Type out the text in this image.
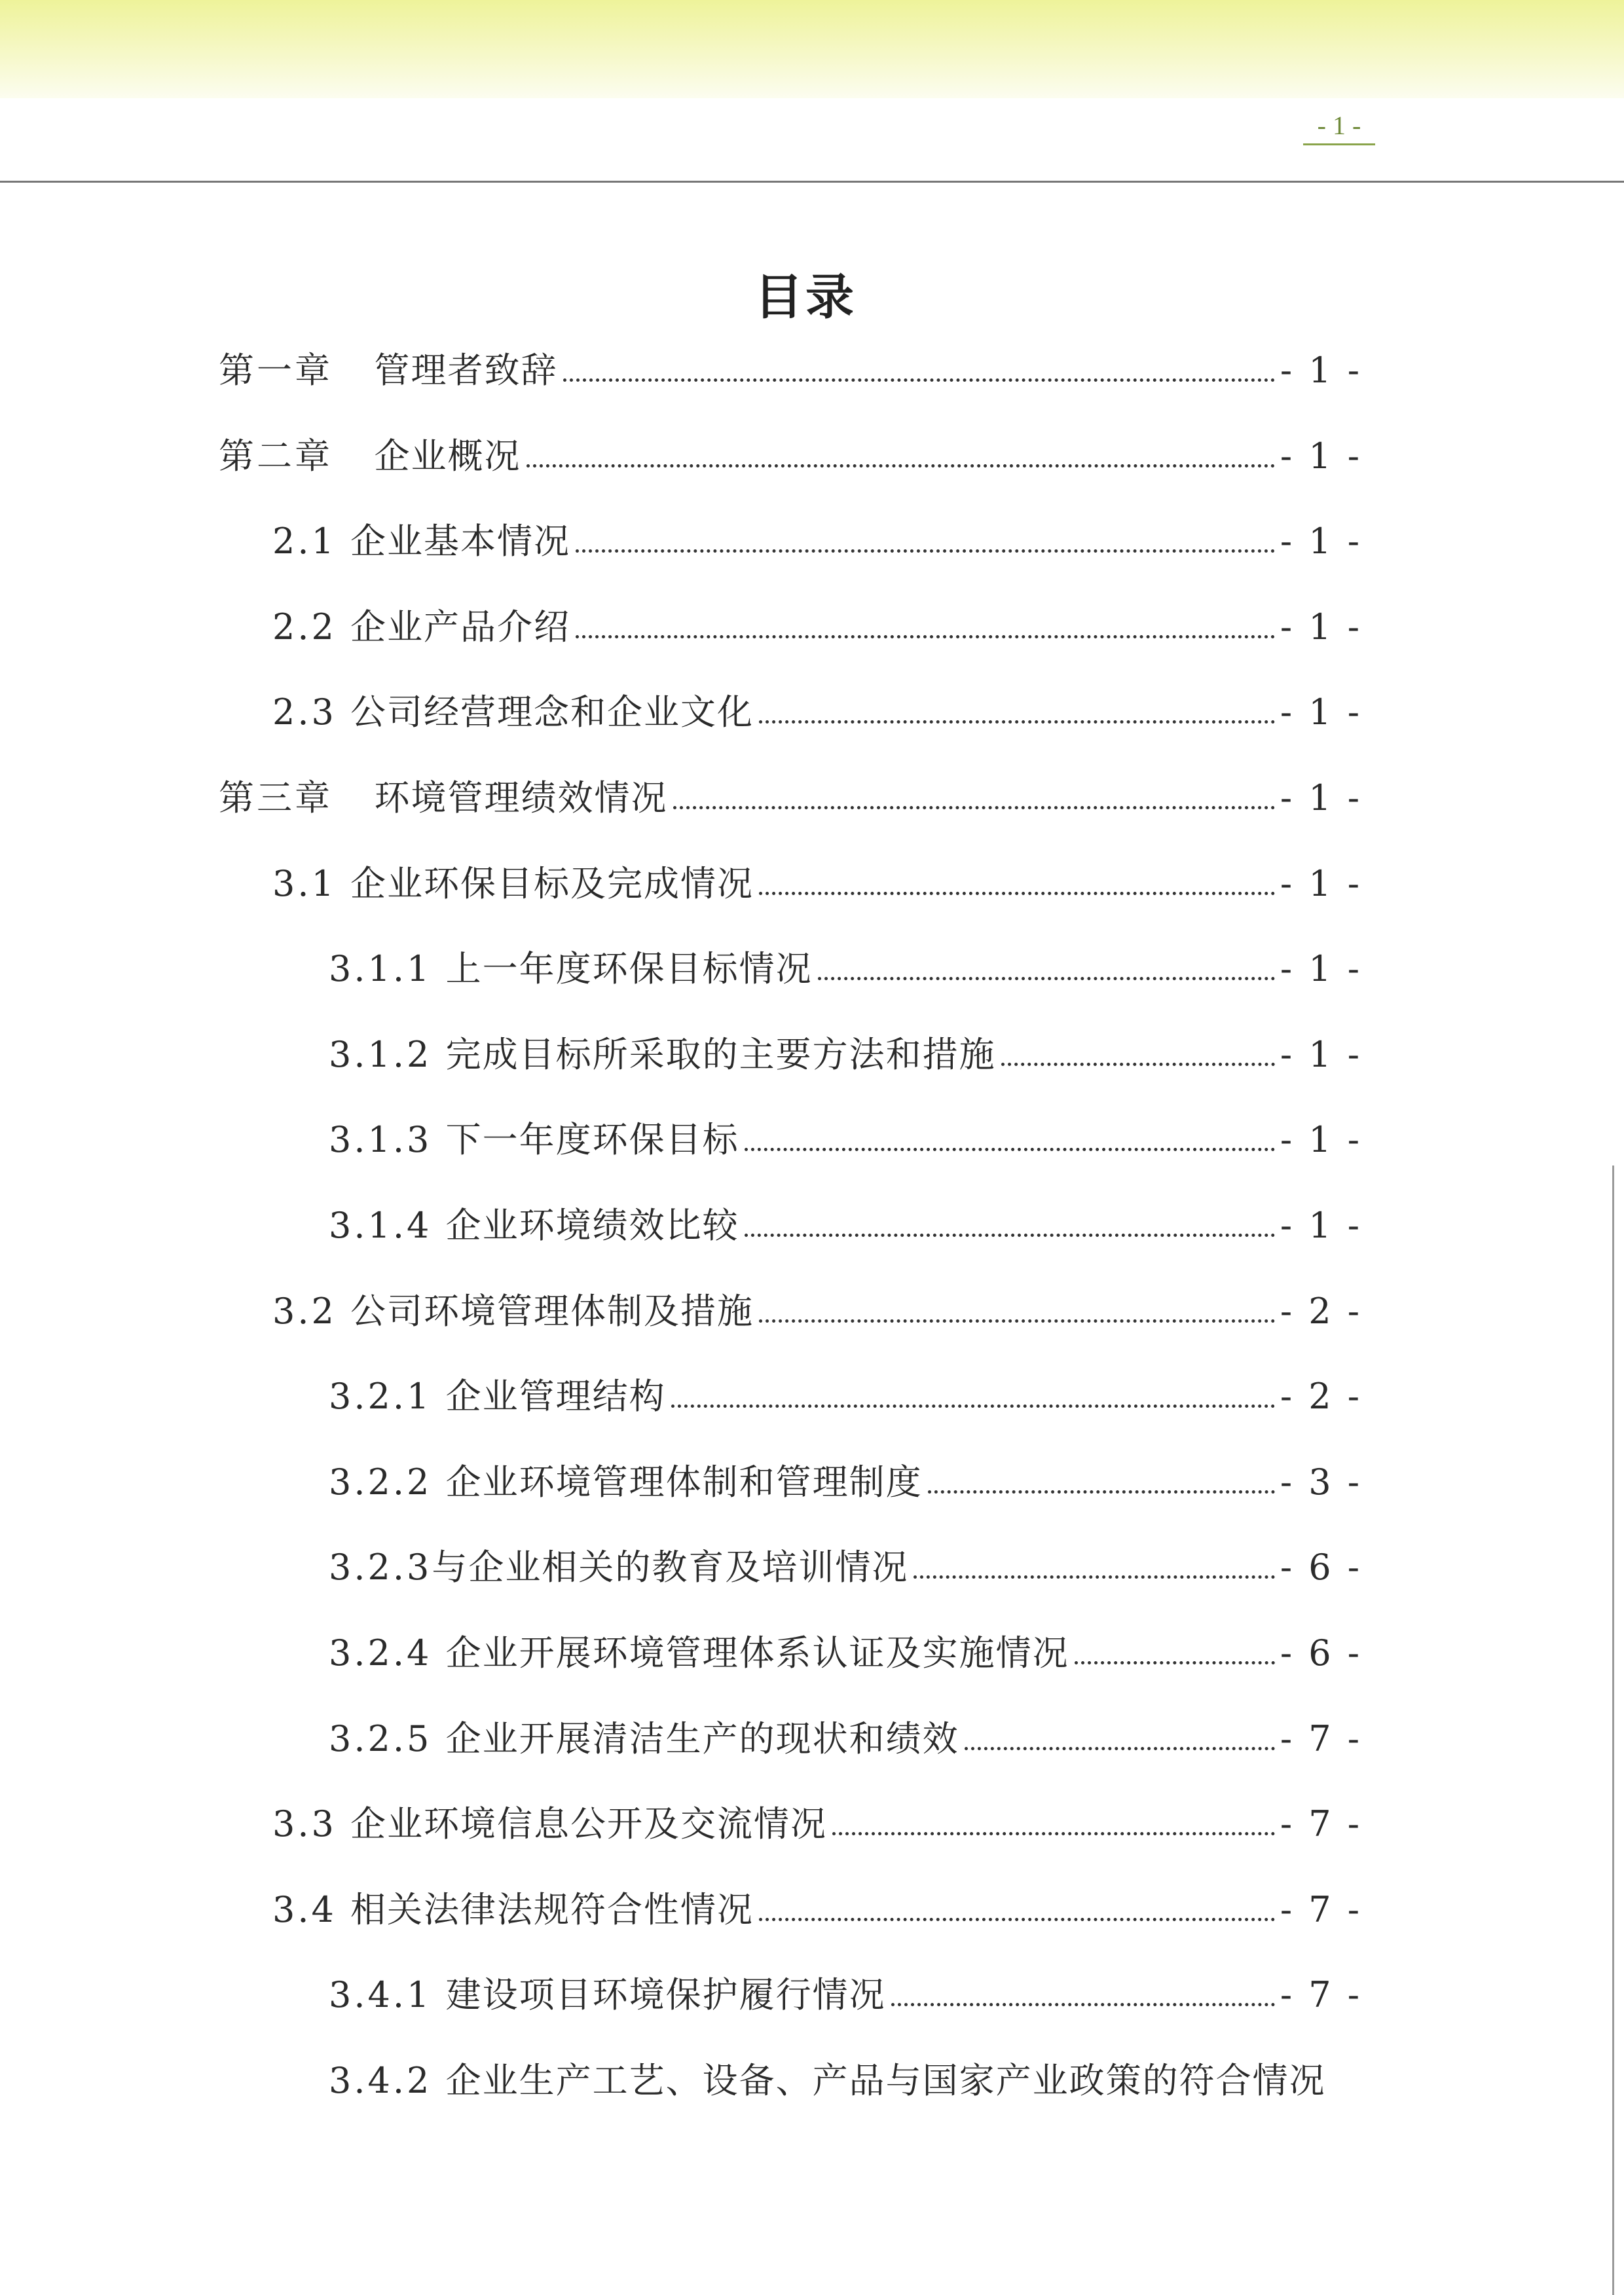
- 1 -
目录
第一章 管理者致辞	- 1 -
第二章 企业概况	- 1 -
2.1 企业基本情况	- 1 -
2.2 企业产品介绍	- 1 -
2.3 公司经营理念和企业文化	- 1 -
第三章 环境管理绩效情况	- 1 -
3.1 企业环保目标及完成情况	- 1 -
3.1.1 上一年度环保目标情况	- 1 -
3.1.2 完成目标所采取的主要方法和措施	- 1 -
3.1.3 下一年度环保目标	- 1 -
3.1.4 企业环境绩效比较	- 1 -
3.2 公司环境管理体制及措施	- 2 -
3.2.1 企业管理结构	- 2 -
3.2.2 企业环境管理体制和管理制度	- 3 -
3.2.3 与企业相关的教育及培训情况	- 6 -
3.2.4 企业开展环境管理体系认证及实施情况	- 6 -
3.2.5 企业开展清洁生产的现状和绩效	- 7 -
3.3 企业环境信息公开及交流情况	- 7 -
3.4 相关法律法规符合性情况	- 7 -
3.4.1 建设项目环境保护履行情况	- 7 -
3.4.2 企业生产工艺、设备、产品与国家产业政策的符合情况
